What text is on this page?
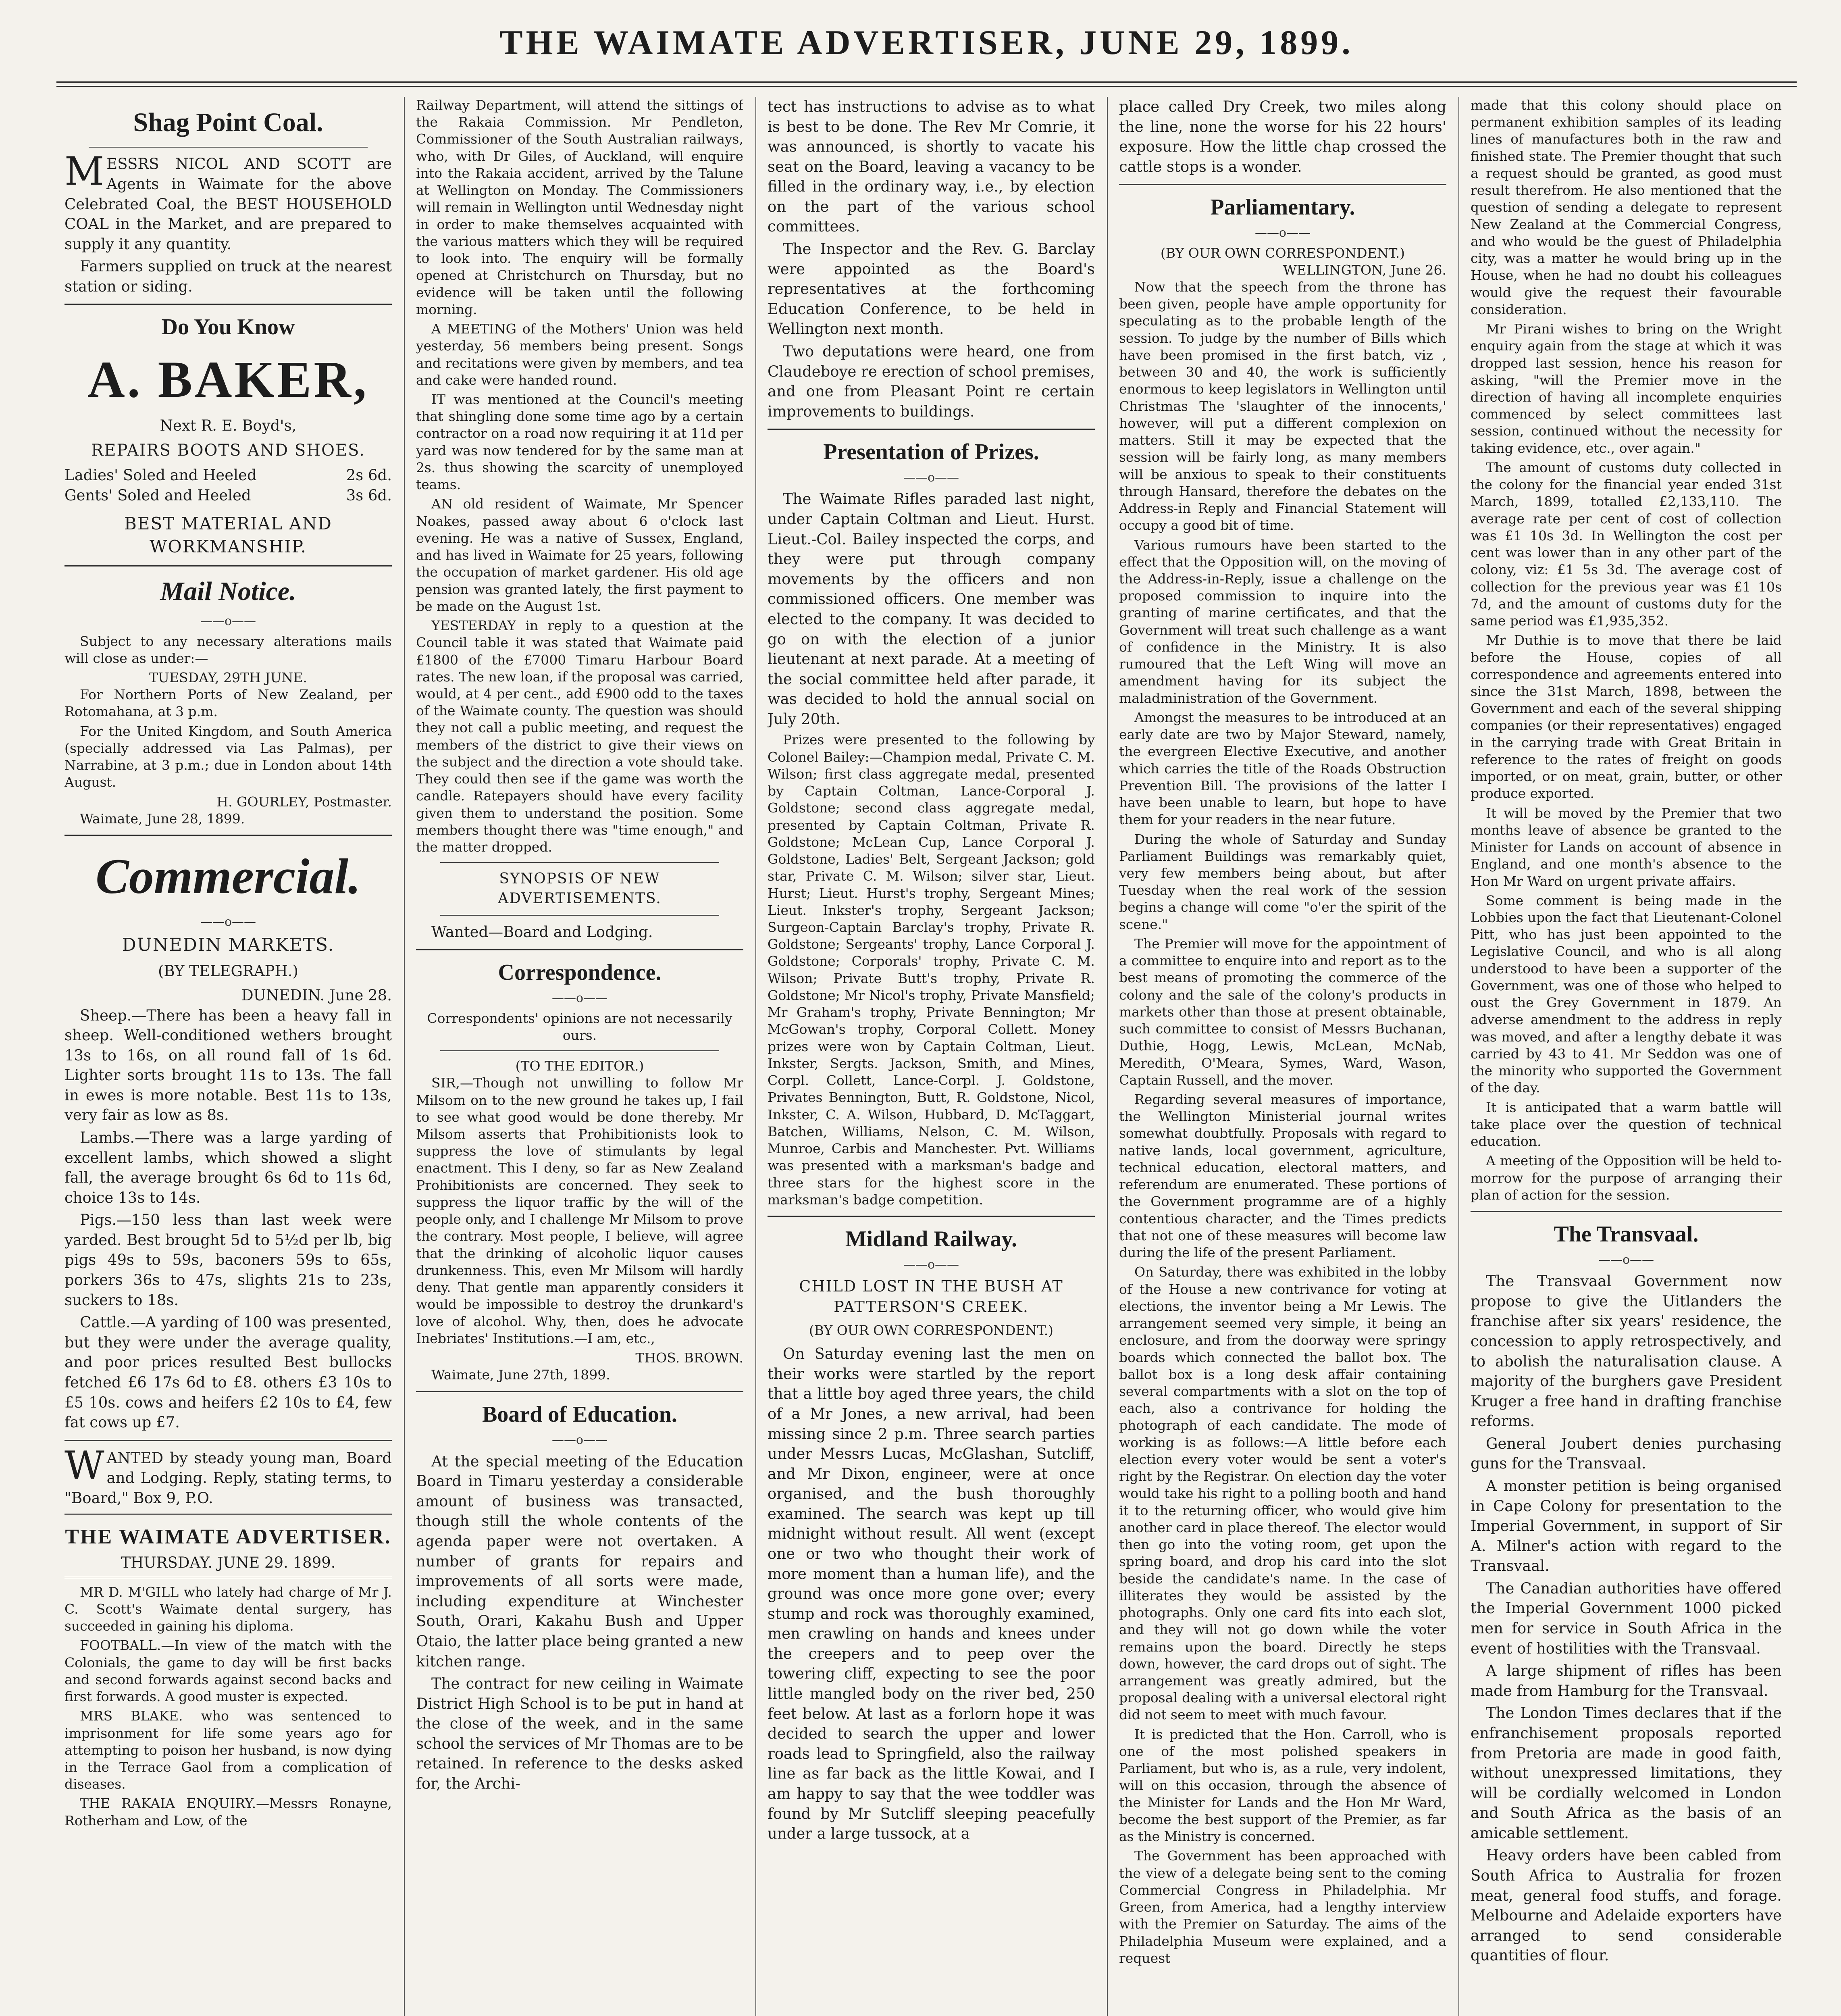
THE WAIMATE ADVERTISER, JUNE 29, 1899.
Shag Point Coal.

MESSRS NICOL AND SCOTT are Agents in Waimate for the above Celebrated Coal, the BEST HOUSEHOLD COAL in the Market, and are prepared to supply it any quantity.

Farmers supplied on truck at the nearest station or siding.

Do You Know
A. BAKER,
Next R. E. Boyd's,
REPAIRS BOOTS AND SHOES.
Ladies' Soled and Heeled	2s 6d.
Gents' Soled and Heeled	3s 6d.
BEST MATERIAL AND WORKMANSHIP.
Mail Notice.
——o——

Subject to any necessary alterations mails will close as under:—

TUESDAY, 29TH JUNE.

For Northern Ports of New Zealand, per Rotomahana, at 3 p.m.

For the United Kingdom, and South America (specially addressed via Las Palmas), per Narrabine, at 3 p.m.; due in London about 14th August.

H. GOURLEY, Postmaster.

Waimate, June 28, 1899.

Commercial.
——o——
DUNEDIN MARKETS.
(BY TELEGRAPH.)
DUNEDIN. June 28.

Sheep.—There has been a heavy fall in sheep. Well-conditioned wethers brought 13s to 16s, on all round fall of 1s 6d. Lighter sorts brought 11s to 13s. The fall in ewes is more notable. Best 11s to 13s, very fair as low as 8s.

Lambs.—There was a large yarding of excellent lambs, which showed a slight fall, the average brought 6s 6d to 11s 6d, choice 13s to 14s.

Pigs.—150 less than last week were yarded. Best brought 5d to 5½d per lb, big pigs 49s to 59s, baconers 59s to 65s, porkers 36s to 47s, slights 21s to 23s, suckers to 18s.

Cattle.—A yarding of 100 was presented, but they were under the average quality, and poor prices resulted Best bullocks fetched £6 17s 6d to £8. others £3 10s to £5 10s. cows and heifers £2 10s to £4, few fat cows up £7.

WANTED by steady young man, Board and Lodging. Reply, stating terms, to "Board," Box 9, P.O.

THE WAIMATE ADVERTISER.
THURSDAY. JUNE 29. 1899.

MR D. M'GILL who lately had charge of Mr J. C. Scott's Waimate dental surgery, has succeeded in gaining his diploma.

FOOTBALL.—In view of the match with the Colonials, the game to day will be first backs and second forwards against second backs and first forwards. A good muster is expected.

MRS BLAKE. who was sentenced to imprisonment for life some years ago for attempting to poison her husband, is now dying in the Terrace Gaol from a complication of diseases.

THE RAKAIA ENQUIRY.—Messrs Ronayne, Rotherham and Low, of the

Railway Department, will attend the sittings of the Rakaia Commission. Mr Pendleton, Commissioner of the South Australian railways, who, with Dr Giles, of Auckland, will enquire into the Rakaia accident, arrived by the Talune at Wellington on Monday. The Commissioners will remain in Wellington until Wednesday night in order to make themselves acquainted with the various matters which they will be required to look into. The enquiry will be formally opened at Christchurch on Thursday, but no evidence will be taken until the following morning.

A MEETING of the Mothers' Union was held yesterday, 56 members being present. Songs and recitations were given by members, and tea and cake were handed round.

IT was mentioned at the Council's meeting that shingling done some time ago by a certain contractor on a road now requiring it at 11d per yard was now tendered for by the same man at 2s. thus showing the scarcity of unemployed teams.

AN old resident of Waimate, Mr Spencer Noakes, passed away about 6 o'clock last evening. He was a native of Sussex, England, and has lived in Waimate for 25 years, following the occupation of market gardener. His old age pension was granted lately, the first payment to be made on the August 1st.

YESTERDAY in reply to a question at the Council table it was stated that Waimate paid £1800 of the £7000 Timaru Harbour Board rates. The new loan, if the proposal was carried, would, at 4 per cent., add £900 odd to the taxes of the Waimate county. The question was should they not call a public meeting, and request the members of the district to give their views on the subject and the direction a vote should take. They could then see if the game was worth the candle. Ratepayers should have every facility given them to understand the position. Some members thought there was "time enough," and the matter dropped.

SYNOPSIS OF NEW ADVERTISEMENTS.

Wanted—Board and Lodging.

Correspondence.
——o——
Correspondents' opinions are not necessarily ours.
(TO THE EDITOR.)

SIR,—Though not unwilling to follow Mr Milsom on to the new ground he takes up, I fail to see what good would be done thereby. Mr Milsom asserts that Prohibitionists look to suppress the love of stimulants by legal enactment. This I deny, so far as New Zealand Prohibitionists are concerned. They seek to suppress the liquor traffic by the will of the people only, and I challenge Mr Milsom to prove the contrary. Most people, I believe, will agree that the drinking of alcoholic liquor causes drunkenness. This, even Mr Milsom will hardly deny. That gentle man apparently considers it would be impossible to destroy the drunkard's love of alcohol. Why, then, does he advocate Inebriates' Institutions.—I am, etc.,

THOS. BROWN.

Waimate, June 27th, 1899.

Board of Education.
——o——

At the special meeting of the Education Board in Timaru yesterday a considerable amount of business was transacted, though still the whole contents of the agenda paper were not overtaken. A number of grants for repairs and improvements of all sorts were made, including expenditure at Winchester South, Orari, Kakahu Bush and Upper Otaio, the latter place being granted a new kitchen range.

The contract for new ceiling in Waimate District High School is to be put in hand at the close of the week, and in the same school the services of Mr Thomas are to be retained. In reference to the desks asked for, the Archi-

tect has instructions to advise as to what is best to be done. The Rev Mr Comrie, it was announced, is shortly to vacate his seat on the Board, leaving a vacancy to be filled in the ordinary way, i.e., by election on the part of the various school committees.

The Inspector and the Rev. G. Barclay were appointed as the Board's representatives at the forthcoming Education Conference, to be held in Wellington next month.

Two deputations were heard, one from Claudeboye re erection of school premises, and one from Pleasant Point re certain improvements to buildings.

Presentation of Prizes.
——o——

The Waimate Rifles paraded last night, under Captain Coltman and Lieut. Hurst. Lieut.-Col. Bailey inspected the corps, and they were put through company movements by the officers and non commissioned officers. One member was elected to the company. It was decided to go on with the election of a junior lieutenant at next parade. At a meeting of the social committee held after parade, it was decided to hold the annual social on July 20th.

Prizes were presented to the following by Colonel Bailey:—Champion medal, Private C. M. Wilson; first class aggregate medal, presented by Captain Coltman, Lance-Corporal J. Goldstone; second class aggregate medal, presented by Captain Coltman, Private R. Goldstone; McLean Cup, Lance Corporal J. Goldstone, Ladies' Belt, Sergeant Jackson; gold star, Private C. M. Wilson; silver star, Lieut. Hurst; Lieut. Hurst's trophy, Sergeant Mines; Lieut. Inkster's trophy, Sergeant Jackson; Surgeon-Captain Barclay's trophy, Private R. Goldstone; Sergeants' trophy, Lance Corporal J. Goldstone; Corporals' trophy, Private C. M. Wilson; Private Butt's trophy, Private R. Goldstone; Mr Nicol's trophy, Private Mansfield; Mr Graham's trophy, Private Bennington; Mr McGowan's trophy, Corporal Collett. Money prizes were won by Captain Coltman, Lieut. Inkster, Sergts. Jackson, Smith, and Mines, Corpl. Collett, Lance-Corpl. J. Goldstone, Privates Bennington, Butt, R. Goldstone, Nicol, Inkster, C. A. Wilson, Hubbard, D. McTaggart, Batchen, Williams, Nelson, C. M. Wilson, Munroe, Carbis and Manchester. Pvt. Williams was presented with a marksman's badge and three stars for the highest score in the marksman's badge competition.

Midland Railway.
——o——
CHILD LOST IN THE BUSH AT PATTERSON'S CREEK.
(BY OUR OWN CORRESPONDENT.)

On Saturday evening last the men on their works were startled by the report that a little boy aged three years, the child of a Mr Jones, a new arrival, had been missing since 2 p.m. Three search parties under Messrs Lucas, McGlashan, Sutcliff, and Mr Dixon, engineer, were at once organised, and the bush thoroughly examined. The search was kept up till midnight without result. All went (except one or two who thought their work of more moment than a human life), and the ground was once more gone over; every stump and rock was thoroughly examined, men crawling on hands and knees under the creepers and to peep over the towering cliff, expecting to see the poor little mangled body on the river bed, 250 feet below. At last as a forlorn hope it was decided to search the upper and lower roads lead to Springfield, also the railway line as far back as the little Kowai, and I am happy to say that the wee toddler was found by Mr Sutcliff sleeping peacefully under a large tussock, at a

place called Dry Creek, two miles along the line, none the worse for his 22 hours' exposure. How the little chap crossed the cattle stops is a wonder.

Parliamentary.
——o——
(BY OUR OWN CORRESPONDENT.)
WELLINGTON, June 26.

Now that the speech from the throne has been given, people have ample opportunity for speculating as to the probable length of the session. To judge by the number of Bills which have been promised in the first batch, viz , between 30 and 40, the work is sufficiently enormous to keep legislators in Wellington until Christmas The 'slaughter of the innocents,' however, will put a different complexion on matters. Still it may be expected that the session will be fairly long, as many members will be anxious to speak to their constituents through Hansard, therefore the debates on the Address-in Reply and Financial Statement will occupy a good bit of time.

Various rumours have been started to the effect that the Opposition will, on the moving of the Address-in-Reply, issue a challenge on the proposed commission to inquire into the granting of marine certificates, and that the Government will treat such challenge as a want of confidence in the Ministry. It is also rumoured that the Left Wing will move an amendment having for its subject the maladministration of the Government.

Amongst the measures to be introduced at an early date are two by Major Steward, namely, the evergreen Elective Executive, and another which carries the title of the Roads Obstruction Prevention Bill. The provisions of the latter I have been unable to learn, but hope to have them for your readers in the near future.

During the whole of Saturday and Sunday Parliament Buildings was remarkably quiet, very few members being about, but after Tuesday when the real work of the session begins a change will come "o'er the spirit of the scene."

The Premier will move for the appointment of a committee to enquire into and report as to the best means of promoting the commerce of the colony and the sale of the colony's products in markets other than those at present obtainable, such committee to consist of Messrs Buchanan, Duthie, Hogg, Lewis, McLean, McNab, Meredith, O'Meara, Symes, Ward, Wason, Captain Russell, and the mover.

Regarding several measures of importance, the Wellington Ministerial journal writes somewhat doubtfully. Proposals with regard to native lands, local government, agriculture, technical education, electoral matters, and referendum are enumerated. These portions of the Government programme are of a highly contentious character, and the Times predicts that not one of these measures will become law during the life of the present Parliament.

On Saturday, there was exhibited in the lobby of the House a new contrivance for voting at elections, the inventor being a Mr Lewis. The arrangement seemed very simple, it being an enclosure, and from the doorway were springy boards which connected the ballot box. The ballot box is a long desk affair containing several compartments with a slot on the top of each, also a contrivance for holding the photograph of each candidate. The mode of working is as follows:—A little before each election every voter would be sent a voter's right by the Registrar. On election day the voter would take his right to a polling booth and hand it to the returning officer, who would give him another card in place thereof. The elector would then go into the voting room, get upon the spring board, and drop his card into the slot beside the candidate's name. In the case of illiterates they would be assisted by the photographs. Only one card fits into each slot, and they will not go down while the voter remains upon the board. Directly he steps down, however, the card drops out of sight. The arrangement was greatly admired, but the proposal dealing with a universal electoral right did not seem to meet with much favour.

It is predicted that the Hon. Carroll, who is one of the most polished speakers in Parliament, but who is, as a rule, very indolent, will on this occasion, through the absence of the Minister for Lands and the Hon Mr Ward, become the best support of the Premier, as far as the Ministry is concerned.

The Government has been approached with the view of a delegate being sent to the coming Commercial Congress in Philadelphia. Mr Green, from America, had a lengthy interview with the Premier on Saturday. The aims of the Philadelphia Museum were explained, and a request

made that this colony should place on permanent exhibition samples of its leading lines of manufactures both in the raw and finished state. The Premier thought that such a request should be granted, as good must result therefrom. He also mentioned that the question of sending a delegate to represent New Zealand at the Commercial Congress, and who would be the guest of Philadelphia city, was a matter he would bring up in the House, when he had no doubt his colleagues would give the request their favourable consideration.

Mr Pirani wishes to bring on the Wright enquiry again from the stage at which it was dropped last session, hence his reason for asking, "will the Premier move in the direction of having all incomplete enquiries commenced by select committees last session, continued without the necessity for taking evidence, etc., over again."

The amount of customs duty collected in the colony for the financial year ended 31st March, 1899, totalled £2,133,110. The average rate per cent of cost of collection was £1 10s 3d. In Wellington the cost per cent was lower than in any other part of the colony, viz: £1 5s 3d. The average cost of collection for the previous year was £1 10s 7d, and the amount of customs duty for the same period was £1,935,352.

Mr Duthie is to move that there be laid before the House, copies of all correspondence and agreements entered into since the 31st March, 1898, between the Government and each of the several shipping companies (or their representatives) engaged in the carrying trade with Great Britain in reference to the rates of freight on goods imported, or on meat, grain, butter, or other produce exported.

It will be moved by the Premier that two months leave of absence be granted to the Minister for Lands on account of absence in England, and one month's absence to the Hon Mr Ward on urgent private affairs.

Some comment is being made in the Lobbies upon the fact that Lieutenant-Colonel Pitt, who has just been appointed to the Legislative Council, and who is all along understood to have been a supporter of the Government, was one of those who helped to oust the Grey Government in 1879. An adverse amendment to the address in reply was moved, and after a lengthy debate it was carried by 43 to 41. Mr Seddon was one of the minority who supported the Government of the day.

It is anticipated that a warm battle will take place over the question of technical education.

A meeting of the Opposition will be held to-morrow for the purpose of arranging their plan of action for the session.

The Transvaal.
——o——

The Transvaal Government now propose to give the Uitlanders the franchise after six years' residence, the concession to apply retrospectively, and to abolish the naturalisation clause. A majority of the burghers gave President Kruger a free hand in drafting franchise reforms.

General Joubert denies purchasing guns for the Transvaal.

A monster petition is being organised in Cape Colony for presentation to the Imperial Government, in support of Sir A. Milner's action with regard to the Transvaal.

The Canadian authorities have offered the Imperial Government 1000 picked men for service in South Africa in the event of hostilities with the Transvaal.

A large shipment of rifles has been made from Hamburg for the Transvaal.

The London Times declares that if the enfranchisement proposals reported from Pretoria are made in good faith, without unexpressed limitations, they will be cordially welcomed in London and South Africa as the basis of an amicable settlement.

Heavy orders have been cabled from South Africa to Australia for frozen meat, general food stuffs, and forage. Melbourne and Adelaide exporters have arranged to send considerable quantities of flour.
